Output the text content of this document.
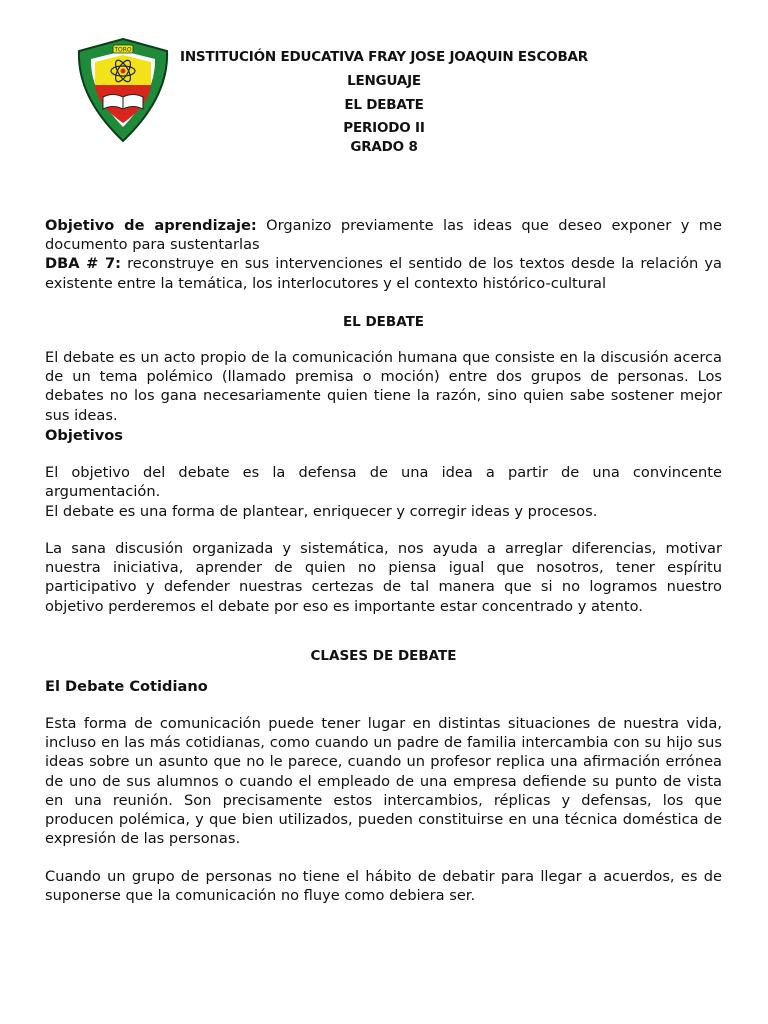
TORO	INSTITUCIÓN EDUCATIVA FRAY JOSE JOAQUIN ESCOBAR

LENGUAJE

EL DEBATE

PERIODO II

GRADO 8

Objetivo de aprendizaje: Organizo previamente las ideas que deseo exponer y me documento para sustentarlas

DBA # 7: reconstruye en sus intervenciones el sentido de los textos desde la relación ya existente entre la temática, los interlocutores y el contexto histórico-cultural

EL DEBATE
El debate es un acto propio de la comunicación humana que consiste en la discusión acerca de un tema polémico (llamado premisa o moción) entre dos grupos de personas. Los debates no los gana necesariamente quien tiene la razón, sino quien sabe sostener mejor sus ideas.
Objetivos
El objetivo del debate es la defensa de una idea a partir de una convincente argumentación.
El debate es una forma de plantear, enriquecer y corregir ideas y procesos.
La sana discusión organizada y sistemática, nos ayuda a arreglar diferencias, motivar nuestra iniciativa, aprender de quien no piensa igual que nosotros, tener espíritu participativo y defender nuestras certezas de tal manera que si no logramos nuestro objetivo perderemos el debate por eso es importante estar concentrado y atento.
CLASES DE DEBATE
El Debate Cotidiano
Esta forma de comunicación puede tener lugar en distintas situaciones de nuestra vida, incluso en las más cotidianas, como cuando un padre de familia intercambia con su hijo sus ideas sobre un asunto que no le parece, cuando un profesor replica una afirmación errónea de uno de sus alumnos o cuando el empleado de una empresa defiende su punto de vista en una reunión. Son precisamente estos intercambios, réplicas y defensas, los que producen polémica, y que bien utilizados, pueden constituirse en una técnica doméstica de expresión de las personas.
Cuando un grupo de personas no tiene el hábito de debatir para llegar a acuerdos, es de suponerse que la comunicación no fluye como debiera ser.
